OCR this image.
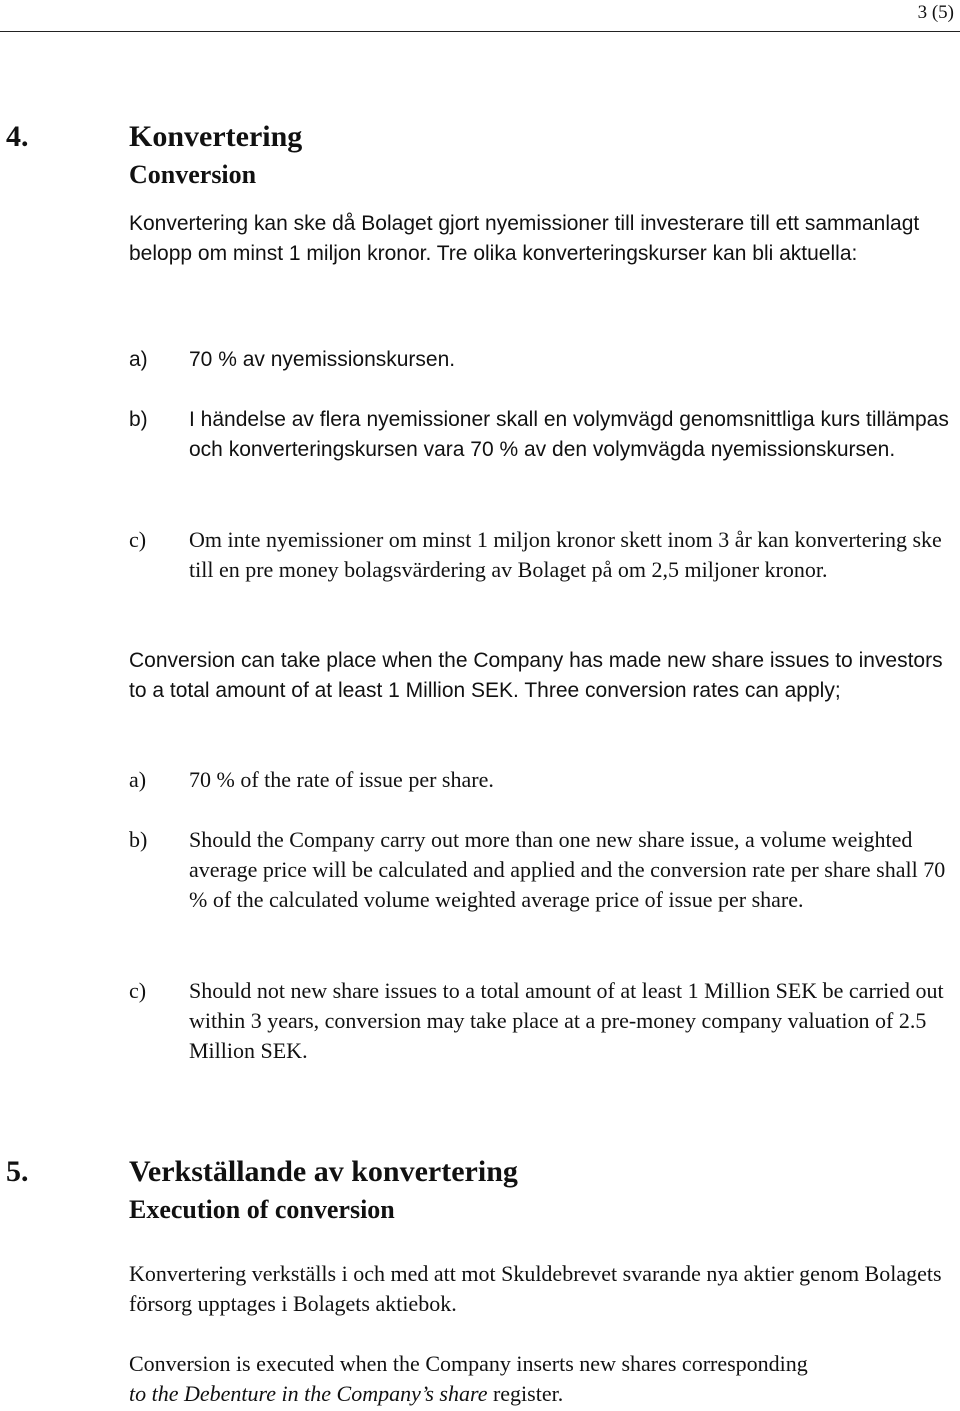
3 (5)
4.	Konvertering
Conversion
Konvertering kan ske då Bolaget gjort nyemissioner till investerare till ett sammanlagt belopp om minst 1 miljon kronor. Tre olika konverteringskurser kan bli aktuella:
a) 70 % av nyemissionskursen.
b) I händelse av flera nyemissioner skall en volymvägd genomsnittliga kurs tillämpas och konverteringskursen vara 70 % av den volymvägda nyemissionskursen.
c) Om inte nyemissioner om minst 1 miljon kronor skett inom 3 år kan konvertering ske till en pre money bolagsvärdering av Bolaget på om 2,5 miljoner kronor.
Conversion can take place when the Company has made new share issues to investors to a total amount of at least 1 Million SEK. Three conversion rates can apply;
a) 70 % of the rate of issue per share.
b) Should the Company carry out more than one new share issue, a volume weighted average price will be calculated and applied and the conversion rate per share shall 70 % of the calculated volume weighted average price of issue per share.
c) Should not new share issues to a total amount of at least 1 Million SEK be carried out within 3 years, conversion may take place at a pre-money company valuation of 2.5 Million SEK.
5.	Verkställande av konvertering
Execution of conversion
Konvertering verkställs i och med att mot Skuldebrevet svarande nya aktier genom Bolagets försorg upptages i Bolagets aktiebok.
Conversion is executed when the Company inserts new shares corresponding
to the Debenture in the Company’s share register.
